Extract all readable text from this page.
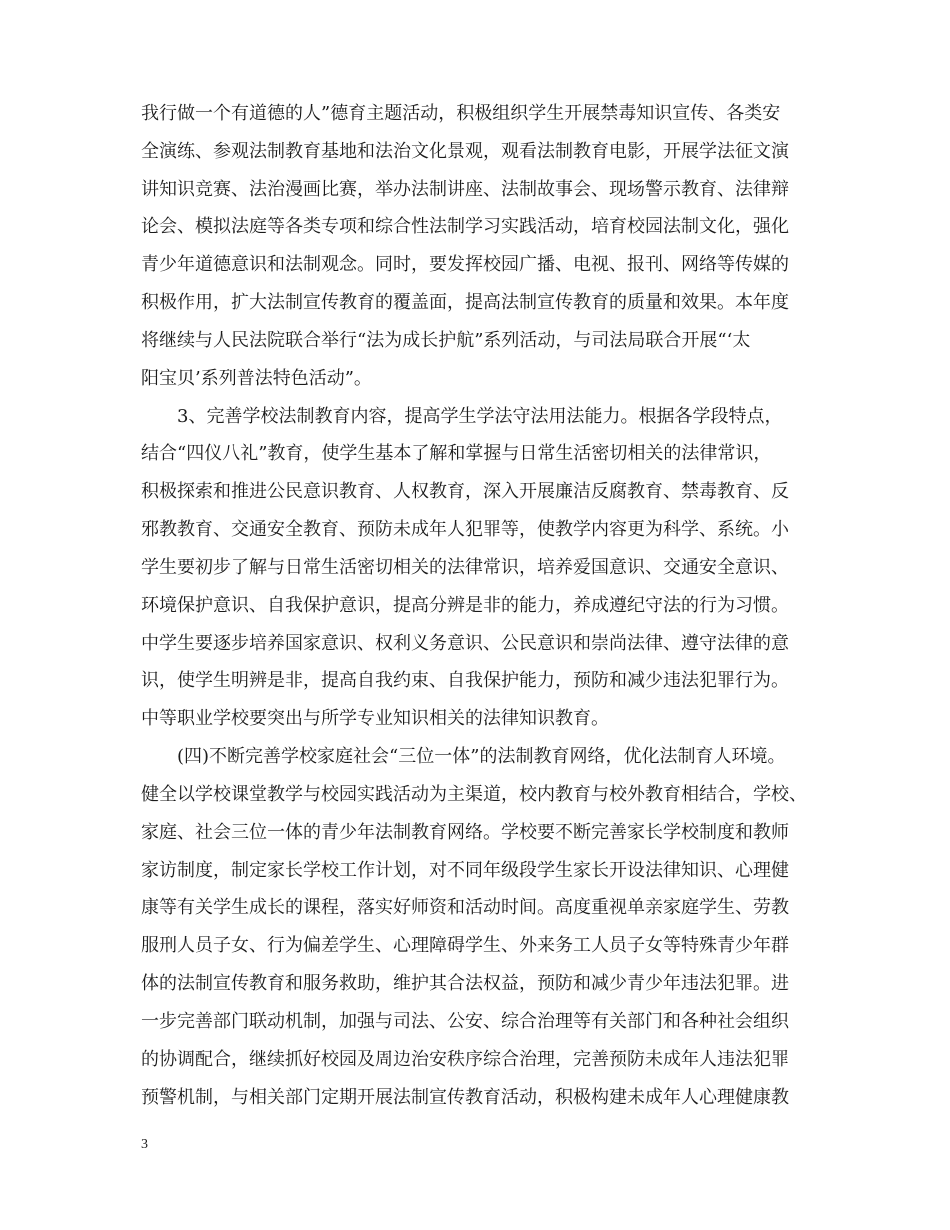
我行做一个有道德的人”德育主题活动，积极组织学生开展禁毒知识宣传、各类安
全演练、参观法制教育基地和法治文化景观，观看法制教育电影，开展学法征文演
讲知识竞赛、法治漫画比赛，举办法制讲座、法制故事会、现场警示教育、法律辩
论会、模拟法庭等各类专项和综合性法制学习实践活动，培育校园法制文化，强化
青少年道德意识和法制观念。同时，要发挥校园广播、电视、报刊、网络等传媒的
积极作用，扩大法制宣传教育的覆盖面，提高法制宣传教育的质量和效果。本年度
将继续与人民法院联合举行“法为成长护航”系列活动，与司法局联合开展“‘太
阳宝贝’系列普法特色活动”。
　　3、完善学校法制教育内容，提高学生学法守法用法能力。根据各学段特点，
结合“四仪八礼”教育，使学生基本了解和掌握与日常生活密切相关的法律常识，
积极探索和推进公民意识教育、人权教育，深入开展廉洁反腐教育、禁毒教育、反
邪教教育、交通安全教育、预防未成年人犯罪等，使教学内容更为科学、系统。小
学生要初步了解与日常生活密切相关的法律常识，培养爱国意识、交通安全意识、
环境保护意识、自我保护意识，提高分辨是非的能力，养成遵纪守法的行为习惯。
中学生要逐步培养国家意识、权利义务意识、公民意识和崇尚法律、遵守法律的意
识，使学生明辨是非，提高自我约束、自我保护能力，预防和减少违法犯罪行为。
中等职业学校要突出与所学专业知识相关的法律知识教育。
　　(四)不断完善学校家庭社会“三位一体”的法制教育网络，优化法制育人环境。
健全以学校课堂教学与校园实践活动为主渠道，校内教育与校外教育相结合，学校、
家庭、社会三位一体的青少年法制教育网络。学校要不断完善家长学校制度和教师
家访制度，制定家长学校工作计划，对不同年级段学生家长开设法律知识、心理健
康等有关学生成长的课程，落实好师资和活动时间。高度重视单亲家庭学生、劳教
服刑人员子女、行为偏差学生、心理障碍学生、外来务工人员子女等特殊青少年群
体的法制宣传教育和服务救助，维护其合法权益，预防和减少青少年违法犯罪。进
一步完善部门联动机制，加强与司法、公安、综合治理等有关部门和各种社会组织
的协调配合，继续抓好校园及周边治安秩序综合治理，完善预防未成年人违法犯罪
预警机制，与相关部门定期开展法制宣传教育活动，积极构建未成年人心理健康教
3
